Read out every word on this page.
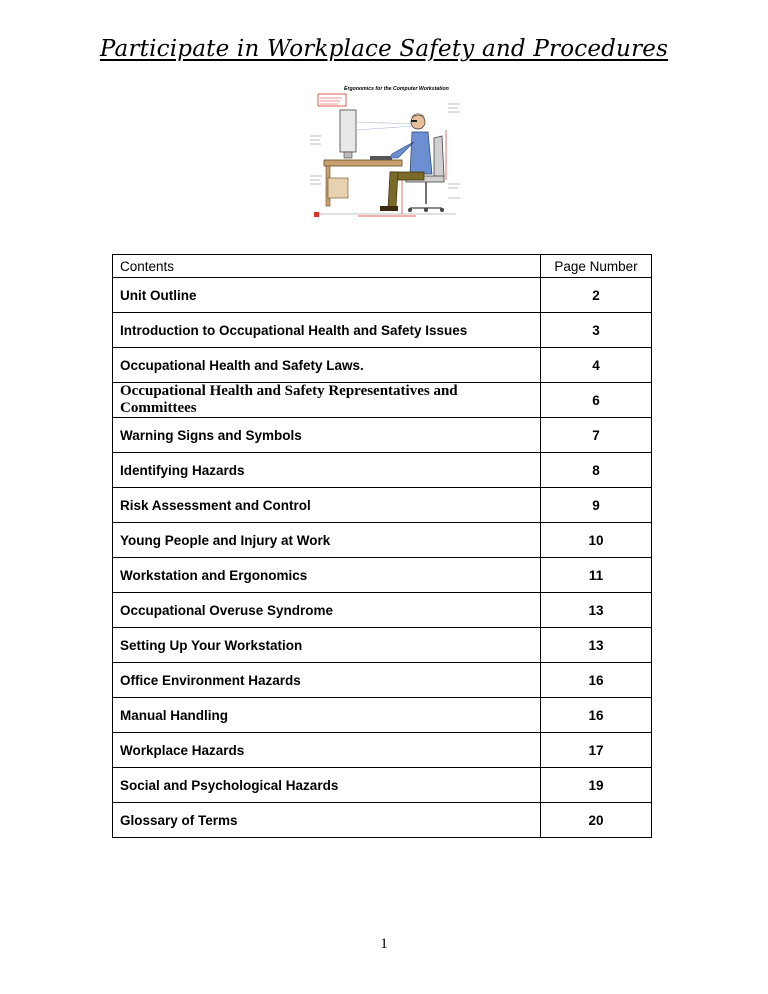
Participate in Workplace Safety and Procedures
Ergonomics for the Computer Workstation
Contents	Page Number
Unit Outline	2
Introduction to Occupational Health and Safety Issues	3
Occupational Health and Safety Laws.	4
Occupational Health and Safety Representatives and Committees	6
Warning Signs and Symbols	7
Identifying Hazards	8
Risk Assessment and Control	9
Young People and Injury at Work	10
Workstation and Ergonomics	11
Occupational Overuse Syndrome	13
Setting Up Your Workstation	13
Office Environment Hazards	16
Manual Handling	16
Workplace Hazards	17
Social and Psychological Hazards	19
Glossary of Terms	20
1
